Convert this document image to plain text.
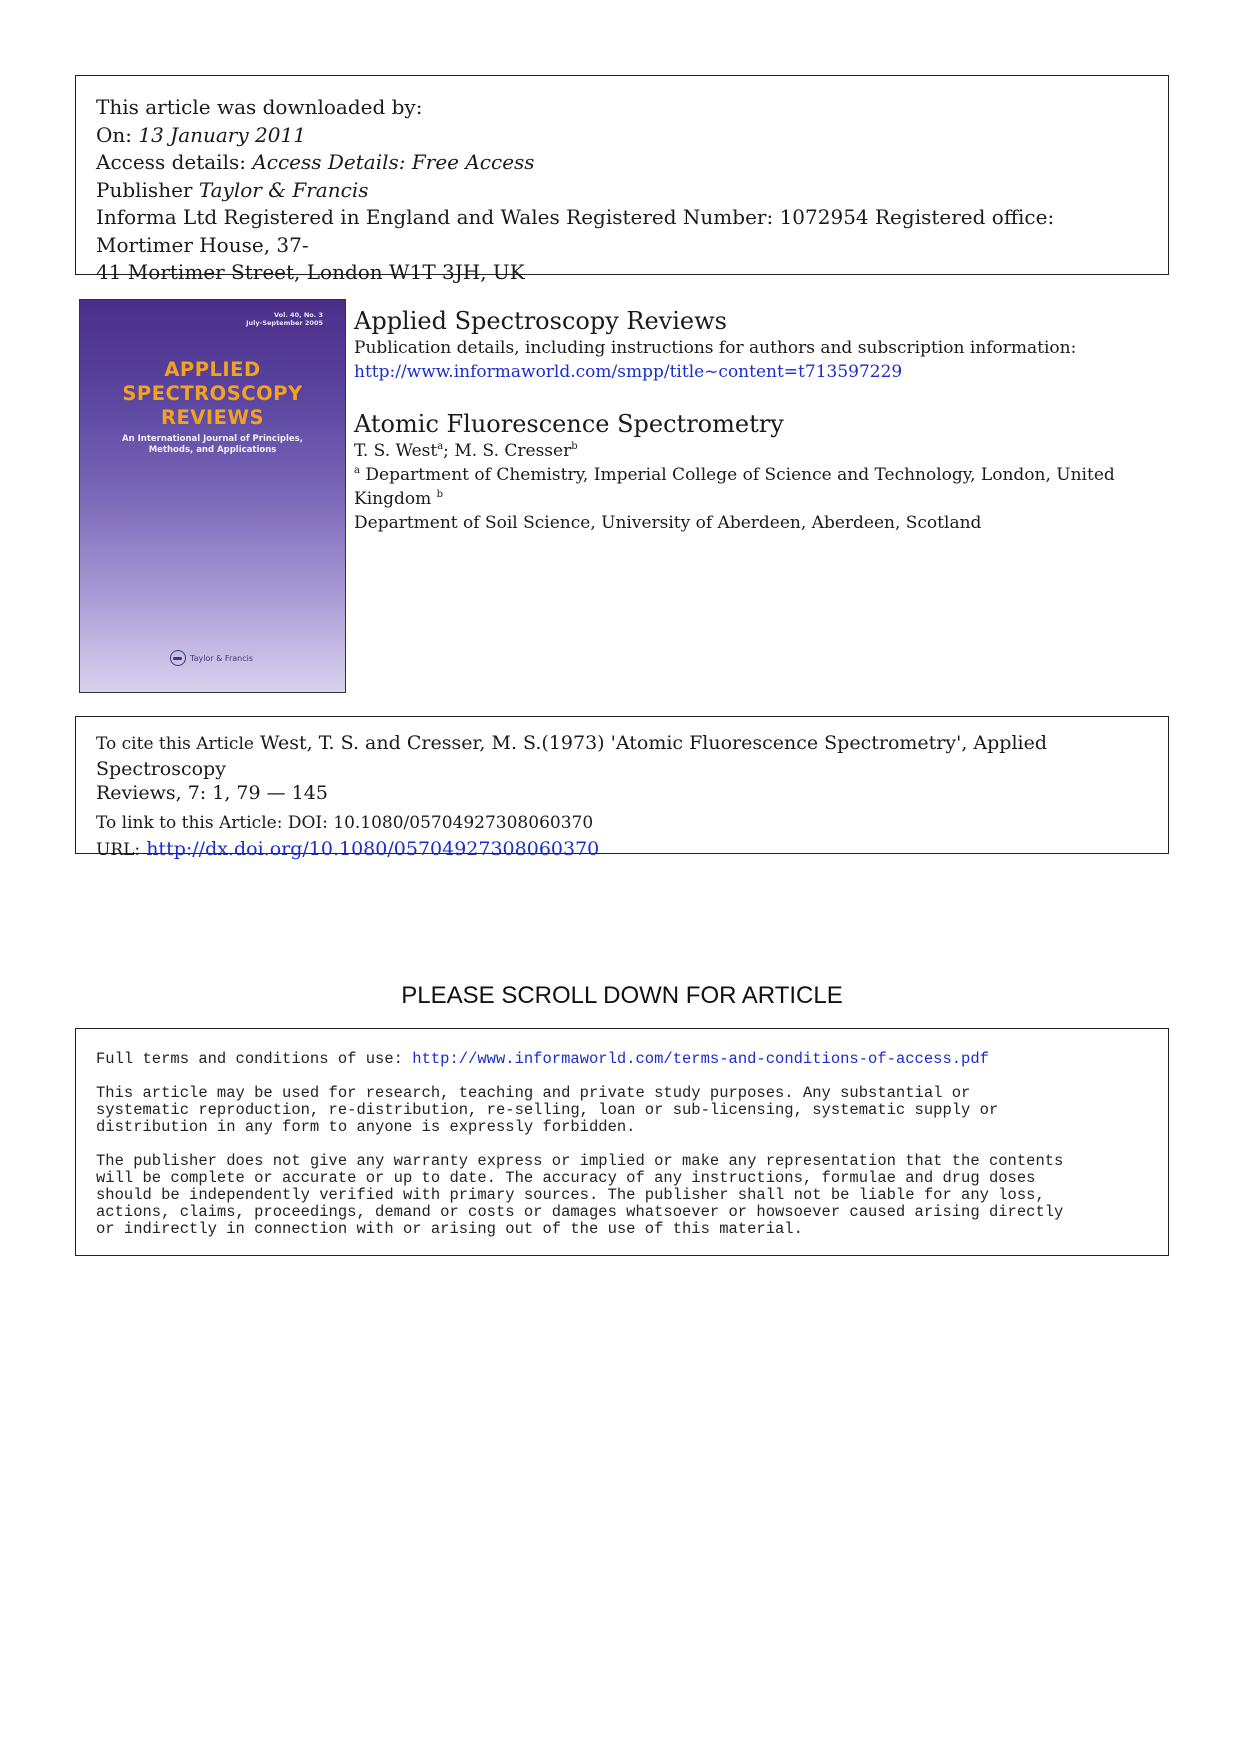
This article was downloaded by:
On: 13 January 2011
Access details: Access Details: Free Access
Publisher Taylor & Francis
Informa Ltd Registered in England and Wales Registered Number: 1072954 Registered office: Mortimer House, 37-
41 Mortimer Street, London W1T 3JH, UK
Vol. 40, No. 3
July-September 2005
APPLIED
SPECTROSCOPY
REVIEWS
An International Journal of Principles,
Methods, and Applications
Taylor & Francis
Applied Spectroscopy Reviews
Publication details, including instructions for authors and subscription information:
http://www.informaworld.com/smpp/title~content=t713597229
Atomic Fluorescence Spectrometry
T. S. West$^a$; M. S. Cresser$^b$
$^a$ Department of Chemistry, Imperial College of Science and Technology, London, United Kingdom $^b$
Department of Soil Science, University of Aberdeen, Aberdeen, Scotland
To cite this Article West, T. S. and Cresser, M. S.(1973) 'Atomic Fluorescence Spectrometry', Applied Spectroscopy
Reviews, 7: 1, 79 — 145
To link to this Article: DOI: 10.1080/05704927308060370
URL: http://dx.doi.org/10.1080/05704927308060370
PLEASE SCROLL DOWN FOR ARTICLE

Full terms and conditions of use: http://www.informaworld.com/terms-and-conditions-of-access.pdf

This article may be used for research, teaching and private study purposes. Any substantial or
systematic reproduction, re-distribution, re-selling, loan or sub-licensing, systematic supply or
distribution in any form to anyone is expressly forbidden.

The publisher does not give any warranty express or implied or make any representation that the contents
will be complete or accurate or up to date. The accuracy of any instructions, formulae and drug doses
should be independently verified with primary sources. The publisher shall not be liable for any loss,
actions, claims, proceedings, demand or costs or damages whatsoever or howsoever caused arising directly
or indirectly in connection with or arising out of the use of this material.
